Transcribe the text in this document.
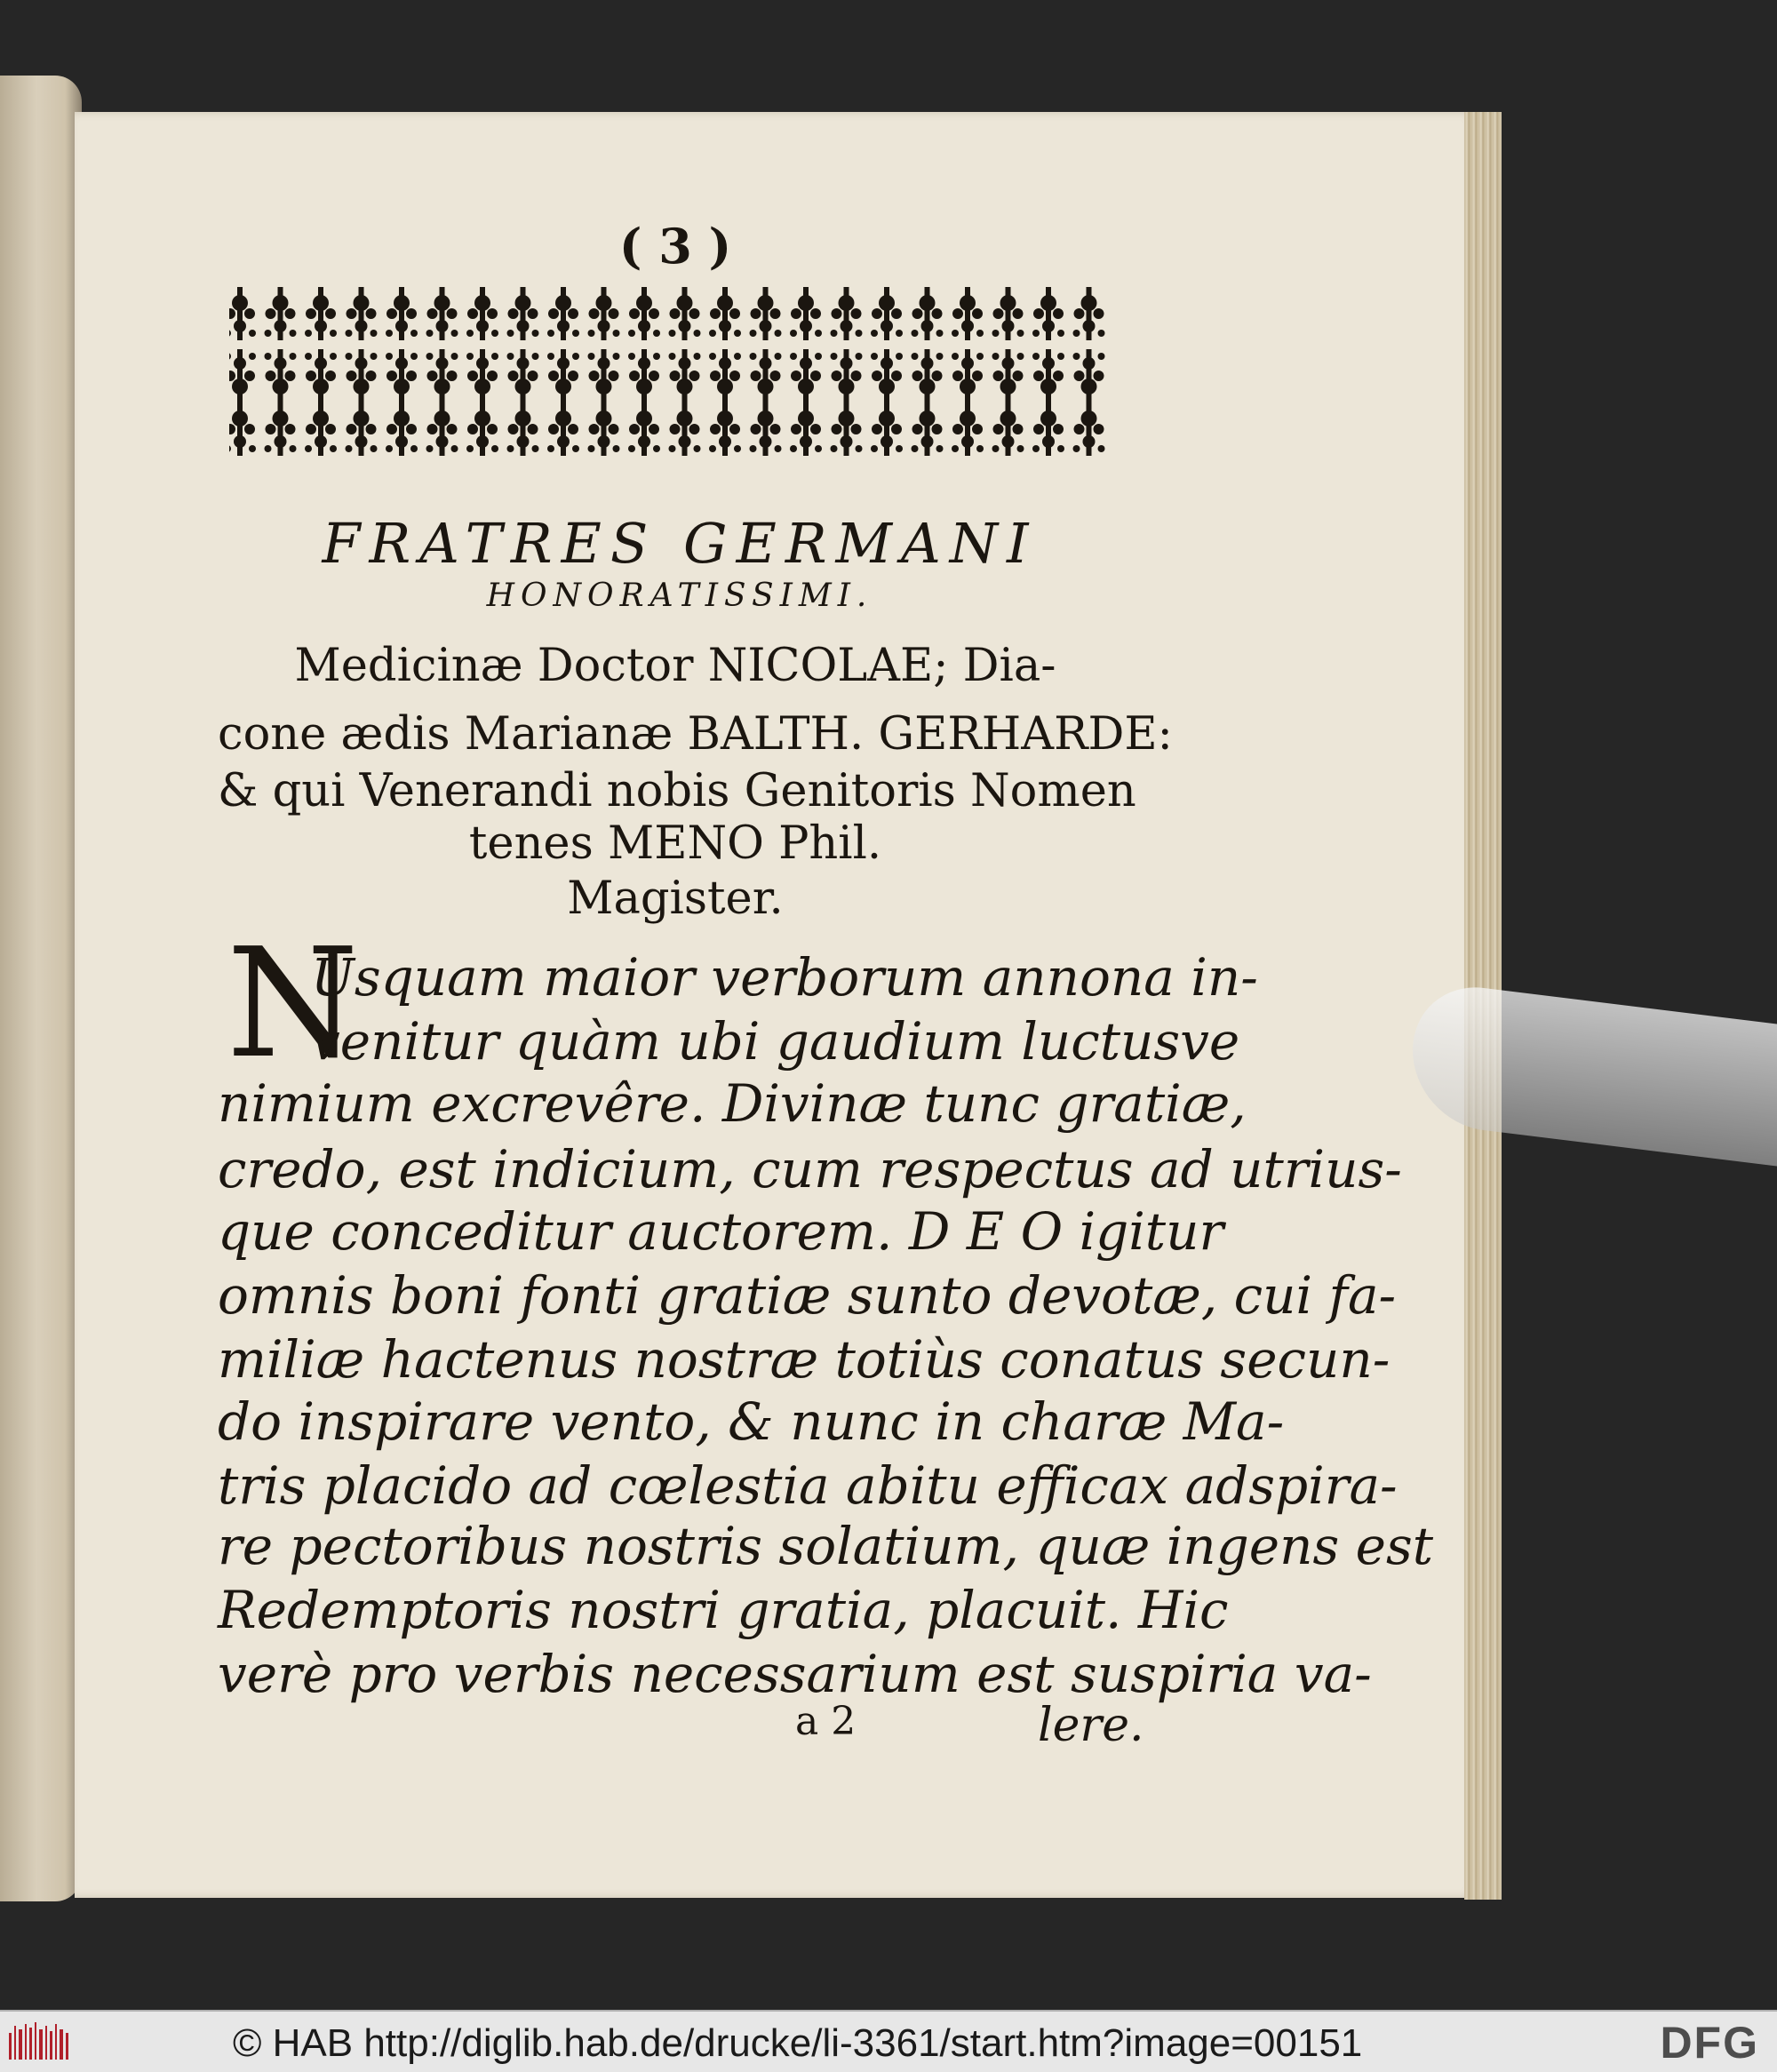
( 3 )
FRATRES GERMANI
HONORATISSIMI.
Medicinæ Doctor NICOLAE; Dia-
cone ædis Marianæ BALTH. GERHARDE:
& qui Venerandi nobis Genitoris Nomen
tenes MENO Phil.
Magister.
N
Usquam maior verborum annona in-
venitur quàm ubi gaudium luctusve
nimium excrevêre. Divinæ tunc gratiæ,
credo, est indicium, cum respectus ad utrius-
que conceditur auctorem. D E O igitur
omnis boni fonti gratiæ sunto devotæ, cui fa-
miliæ hactenus nostræ totiùs conatus secun-
do inspirare vento, & nunc in charæ Ma-
tris placido ad cœlestia abitu efficax adspira-
re pectoribus nostris solatium, quæ ingens est
Redemptoris nostri gratia, placuit. Hic
verè pro verbis necessarium est suspiria va-
a 2	lere.
© HAB http://diglib.hab.de/drucke/li-3361/start.htm?image=00151	DFG
